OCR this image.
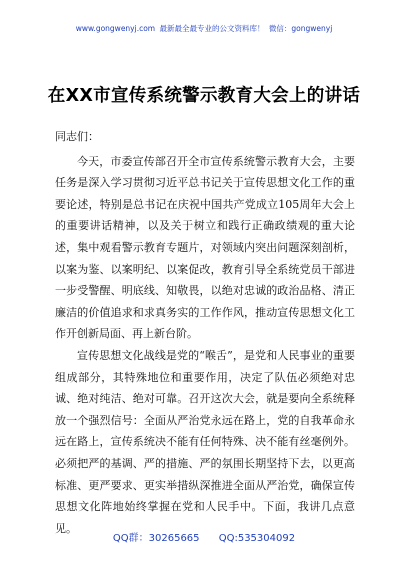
www.gongwenyj.com 最新最全最专业的公文资料库！ 微信：gongwenyj
在XX市宣传系统警示教育大会上的讲话

同志们：

今天，市委宣传部召开全市宣传系统警示教育大会，主要任务是深入学习贯彻习近平总书记关于宣传思想文化工作的重要论述，特别是总书记在庆祝中国共产党成立105周年大会上的重要讲话精神，以及关于树立和践行正确政绩观的重大论述，集中观看警示教育专题片，对领域内突出问题深刻剖析，以案为鉴、以案明纪、以案促改，教育引导全系统党员干部进一步受警醒、明底线、知敬畏，以绝对忠诚的政治品格、清正廉洁的价值追求和求真务实的工作作风，推动宣传思想文化工作开创新局面、再上新台阶。

宣传思想文化战线是党的“喉舌”，是党和人民事业的重要组成部分，其特殊地位和重要作用，决定了队伍必须绝对忠诚、绝对纯洁、绝对可靠。召开这次大会，就是要向全系统释放一个强烈信号：全面从严治党永远在路上，党的自我革命永远在路上，宣传系统决不能有任何特殊、决不能有丝毫例外。必须把严的基调、严的措施、严的氛围长期坚持下去，以更高标准、更严要求、更实举措纵深推进全面从严治党，确保宣传思想文化阵地始终掌握在党和人民手中。下面，我讲几点意见。

QQ群：30265665 QQ:535304092
